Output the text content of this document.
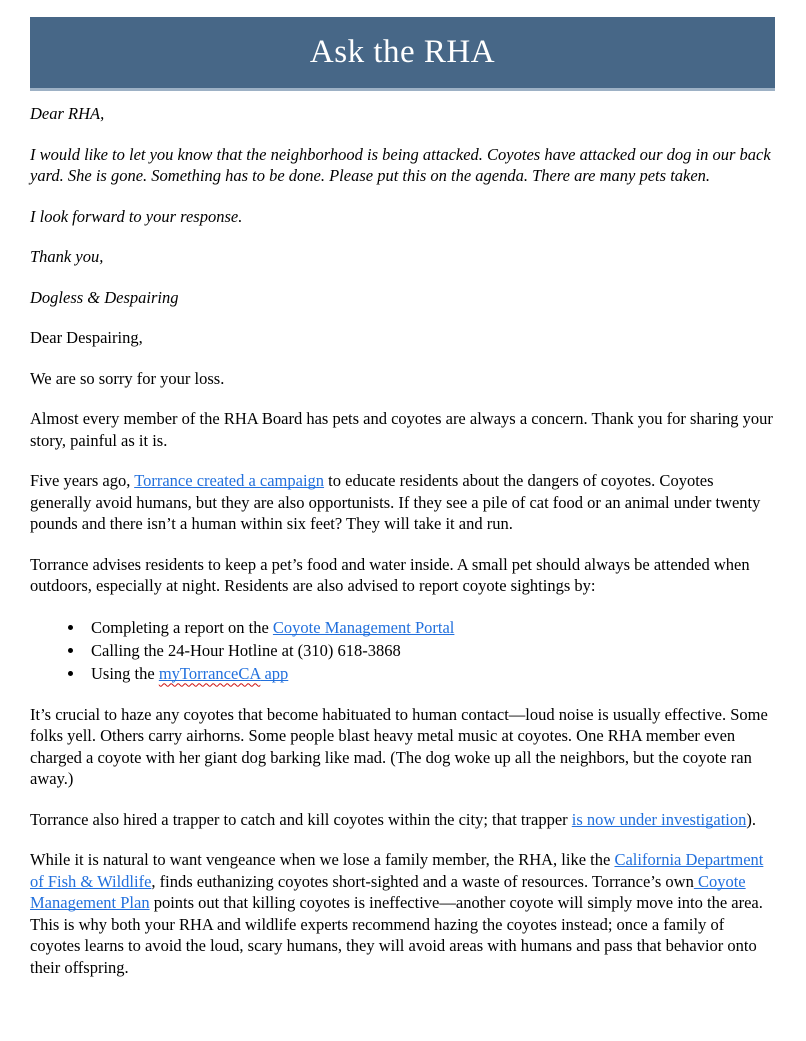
Ask the RHA

Dear RHA,

I would like to let you know that the neighborhood is being attacked. Coyotes have attacked our dog in our back yard. She is gone. Something has to be done. Please put this on the agenda. There are many pets taken.

I look forward to your response.

Thank you,

Dogless & Despairing

Dear Despairing,

We are so sorry for your loss.

Almost every member of the RHA Board has pets and coyotes are always a concern. Thank you for sharing your story, painful as it is.

Five years ago, Torrance created a campaign to educate residents about the dangers of coyotes. Coyotes generally avoid humans, but they are also opportunists. If they see a pile of cat food or an animal under twenty pounds and there isn’t a human within six feet? They will take it and run.

Torrance advises residents to keep a pet’s food and water inside. A small pet should always be attended when outdoors, especially at night. Residents are also advised to report coyote sightings by:

• Completing a report on the Coyote Management Portal
• Calling the 24-Hour Hotline at (310) 618-3868
• Using the myTorranceCA app

It’s crucial to haze any coyotes that become habituated to human contact—loud noise is usually effective. Some folks yell. Others carry airhorns. Some people blast heavy metal music at coyotes. One RHA member even charged a coyote with her giant dog barking like mad. (The dog woke up all the neighbors, but the coyote ran away.)

Torrance also hired a trapper to catch and kill coyotes within the city; that trapper is now under investigation).

While it is natural to want vengeance when we lose a family member, the RHA, like the California Department of Fish & Wildlife, finds euthanizing coyotes short-sighted and a waste of resources. Torrance’s own Coyote Management Plan points out that killing coyotes is ineffective—another coyote will simply move into the area. This is why both your RHA and wildlife experts recommend hazing the coyotes instead; once a family of coyotes learns to avoid the loud, scary humans, they will avoid areas with humans and pass that behavior onto their offspring.
